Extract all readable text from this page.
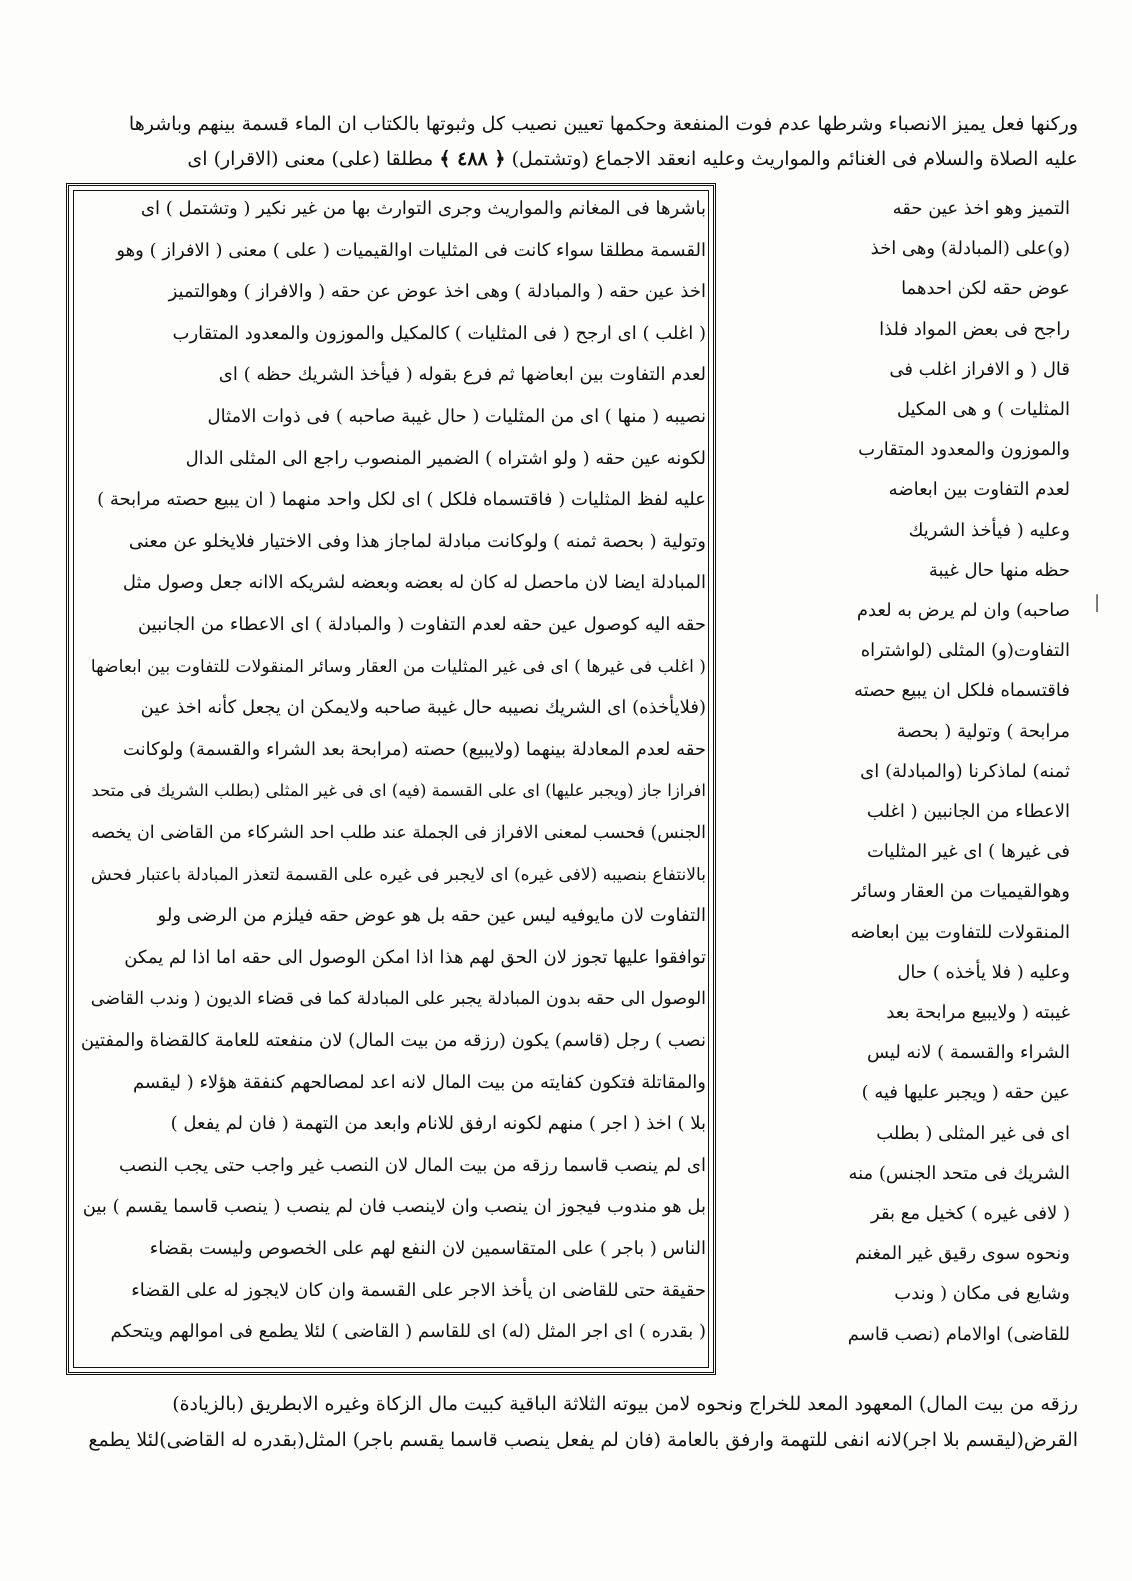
وركنها فعل يميز الانصباء وشرطها عدم فوت المنفعة وحكمها تعيين نصيب كل وثبوتها بالكتاب ان الماء قسمة بينهم وباشرها
عليه الصلاة والسلام فى الغنائم والمواريث وعليه انعقد الاجماع (وتشتمل) ﴿ ٤٨٨ ﴾ مطلقا (على) معنى (الاقرار) اى
باشرها فى المغانم والمواريث وجرى التوارث بها من غير نكير ( وتشتمل ) اى
القسمة مطلقا سواء كانت فى المثليات اوالقيميات ( على ) معنى ( الافراز ) وهو
اخذ عين حقه ( والمبادلة ) وهى اخذ عوض عن حقه ( والافراز ) وهوالتميز
( اغلب ) اى ارجح ( فى المثليات ) كالمكيل والموزون والمعدود المتقارب
لعدم التفاوت بين ابعاضها ثم فرع بقوله ( فيأخذ الشريك حظه ) اى
نصيبه ( منها ) اى من المثليات ( حال غيبة صاحبه ) فى ذوات الامثال
لكونه عين حقه ( ولو اشتراه ) الضمير المنصوب راجع الى المثلى الدال
عليه لفظ المثليات ( فاقتسماه فلكل ) اى لكل واحد منهما ( ان يبيع حصته مرابحة )
وتولية ( بحصة ثمنه ) ولوكانت مبادلة لماجاز هذا وفى الاختيار فلايخلو عن معنى
المبادلة ايضا لان ماحصل له كان له بعضه وبعضه لشريكه الاانه جعل وصول مثل
حقه اليه كوصول عين حقه لعدم التفاوت ( والمبادلة ) اى الاعطاء من الجانبين
( اغلب فى غيرها ) اى فى غير المثليات من العقار وسائر المنقولات للتفاوت بين ابعاضها
(فلايأخذه) اى الشريك نصيبه حال غيبة صاحبه ولايمكن ان يجعل كأنه اخذ عين
حقه لعدم المعادلة بينهما (ولايبيع) حصته (مرابحة بعد الشراء والقسمة) ولوكانت
افرازا جاز (ويجبر عليها) اى على القسمة (فيه) اى فى غير المثلى (بطلب الشريك فى متحد
الجنس) فحسب لمعنى الافراز فى الجملة عند طلب احد الشركاء من القاضى ان يخصه
بالانتفاع بنصيبه (لافى غيره) اى لايجبر فى غيره على القسمة لتعذر المبادلة باعتبار فحش
التفاوت لان مايوفيه ليس عين حقه بل هو عوض حقه فيلزم من الرضى ولو
توافقوا عليها تجوز لان الحق لهم هذا اذا امكن الوصول الى حقه اما اذا لم يمكن
الوصول الى حقه بدون المبادلة يجبر على المبادلة كما فى قضاء الديون ( وندب القاضى
نصب ) رجل (قاسم) يكون (رزقه من بيت المال) لان منفعته للعامة كالقضاة والمفتين
والمقاتلة فتكون كفايته من بيت المال لانه اعد لمصالحهم كنفقة هؤلاء ( ليقسم
بلا ) اخذ ( اجر ) منهم لكونه ارفق للانام وابعد من التهمة ( فان لم يفعل )
اى لم ينصب قاسما رزقه من بيت المال لان النصب غير واجب حتى يجب النصب
بل هو مندوب فيجوز ان ينصب وان لاينصب فان لم ينصب ( ينصب قاسما يقسم ) بين
الناس ( باجر ) على المتقاسمين لان النفع لهم على الخصوص وليست بقضاء
حقيقة حتى للقاضى ان يأخذ الاجر على القسمة وان كان لايجوز له على القضاء
( بقدره ) اى اجر المثل (له) اى للقاسم ( القاضى ) لئلا يطمع فى اموالهم ويتحكم
التميز وهو اخذ عين حقه
(و)على (المبادلة) وهى اخذ
عوض حقه لكن احدهما
راجح فى بعض المواد فلذا
قال ( و الافراز اغلب فى
المثليات ) و هى المكيل
والموزون والمعدود المتقارب
لعدم التفاوت بين ابعاضه
وعليه ( فيأخذ الشريك
حظه منها حال غيبة
صاحبه) وان لم يرض به لعدم
التفاوت(و) المثلى (لواشتراه
فاقتسماه فلكل ان يبيع حصته
مرابحة ) وتولية ( بحصة
ثمنه) لماذكرنا (والمبادلة) اى
الاعطاء من الجانبين ( اغلب
فى غيرها ) اى غير المثليات
وهوالقيميات من العقار وسائر
المنقولات للتفاوت بين ابعاضه
وعليه ( فلا يأخذه ) حال
غيبته ( ولايبيع مرابحة بعد
الشراء والقسمة ) لانه ليس
عين حقه ( ويجبر عليها فيه )
اى فى غير المثلى ( بطلب
الشريك فى متحد الجنس) منه
( لافى غيره ) كخيل مع بقر
ونحوه سوى رقيق غير المغنم
وشايع فى مكان ( وندب
للقاضى) اوالامام (نصب قاسم
رزقه من بيت المال) المعهود المعد للخراج ونحوه لامن بيوته الثلاثة الباقية كبيت مال الزكاة وغيره الابطريق (بالزيادة)
القرض(ليقسم بلا اجر)لانه انفى للتهمة وارفق بالعامة (فان لم يفعل ينصب قاسما يقسم باجر) المثل(بقدره له القاضى)لئلا يطمع
|
